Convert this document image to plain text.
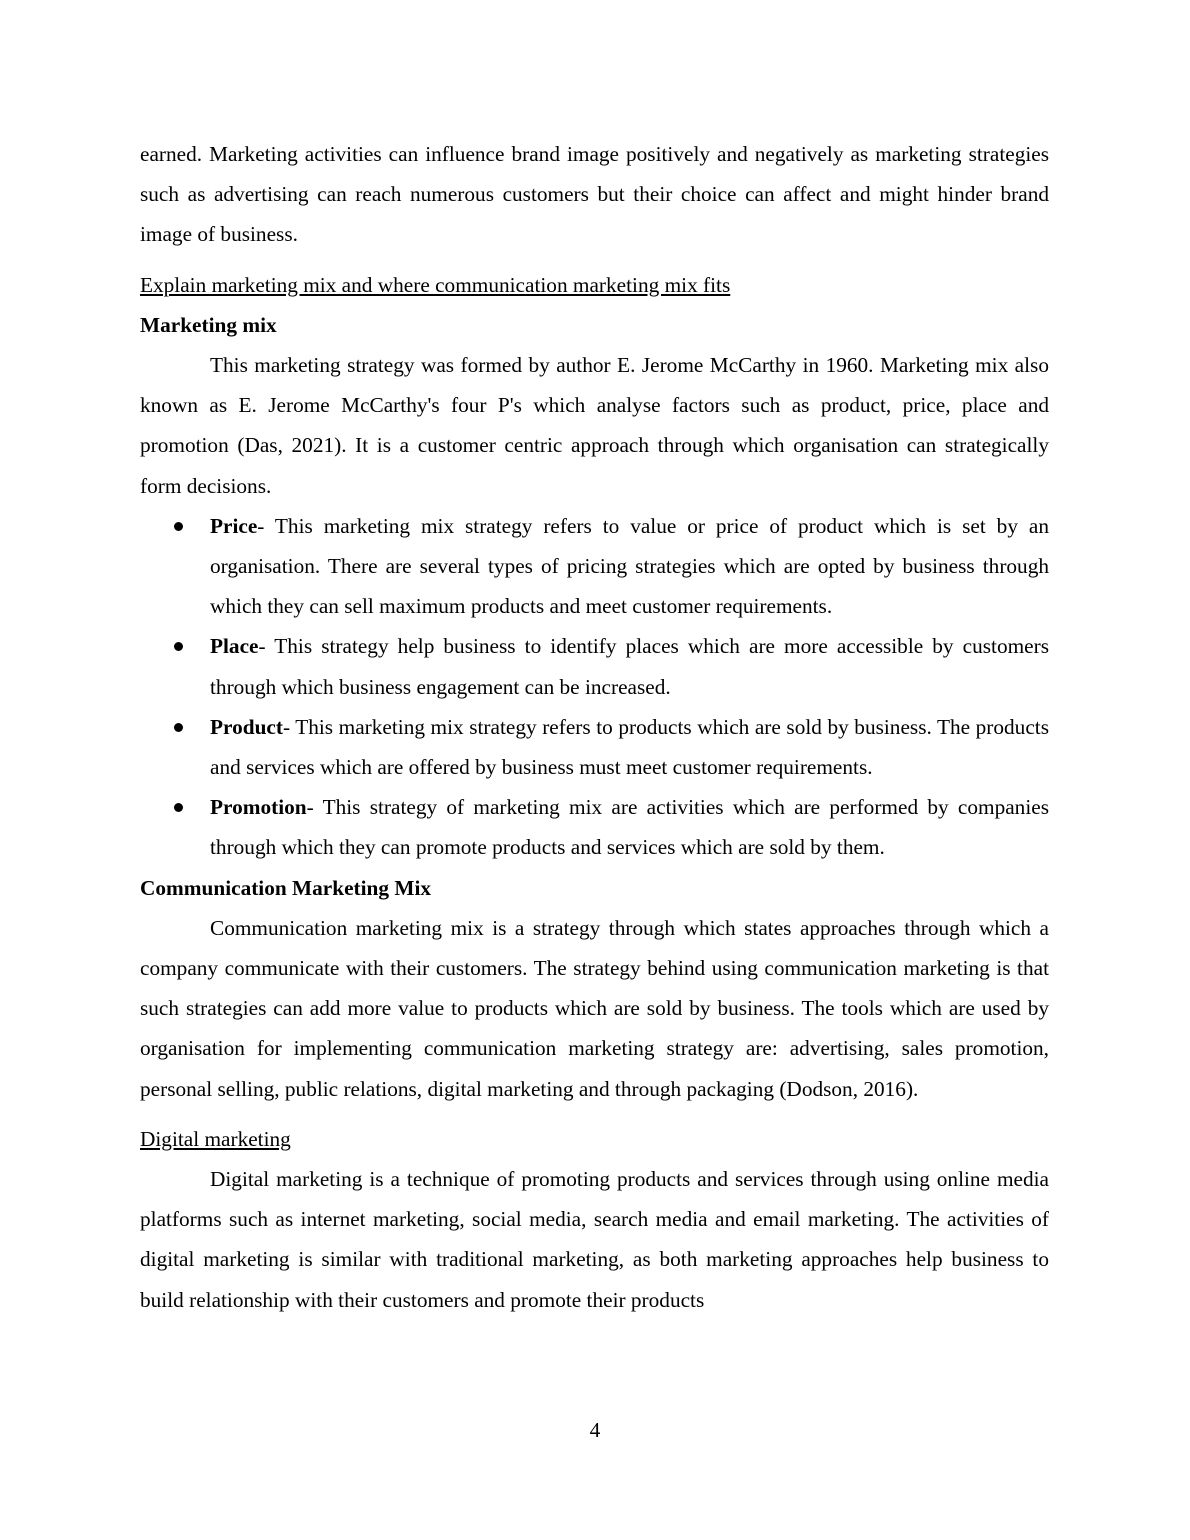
earned. Marketing activities can influence brand image positively and negatively as marketing strategies such as advertising can reach numerous customers but their choice can affect and might hinder brand image of business.

Explain marketing mix and where communication marketing mix fits

Marketing mix

This marketing strategy was formed by author E. Jerome McCarthy in 1960. Marketing mix also known as E. Jerome McCarthy's four P's which analyse factors such as product, price, place and promotion (Das, 2021). It is a customer centric approach through which organisation can strategically form decisions.

Price- This marketing mix strategy refers to value or price of product which is set by an organisation. There are several types of pricing strategies which are opted by business through which they can sell maximum products and meet customer requirements.
Place- This strategy help business to identify places which are more accessible by customers through which business engagement can be increased.
Product- This marketing mix strategy refers to products which are sold by business. The products and services which are offered by business must meet customer requirements.
Promotion- This strategy of marketing mix are activities which are performed by companies through which they can promote products and services which are sold by them.

Communication Marketing Mix

Communication marketing mix is a strategy through which states approaches through which a company communicate with their customers. The strategy behind using communication marketing is that such strategies can add more value to products which are sold by business. The tools which are used by organisation for implementing communication marketing strategy are: advertising, sales promotion, personal selling, public relations, digital marketing and through packaging (Dodson, 2016).

Digital marketing

Digital marketing is a technique of promoting products and services through using online media platforms such as internet marketing, social media, search media and email marketing. The activities of digital marketing is similar with traditional marketing, as both marketing approaches help business to build relationship with their customers and promote their products

4
